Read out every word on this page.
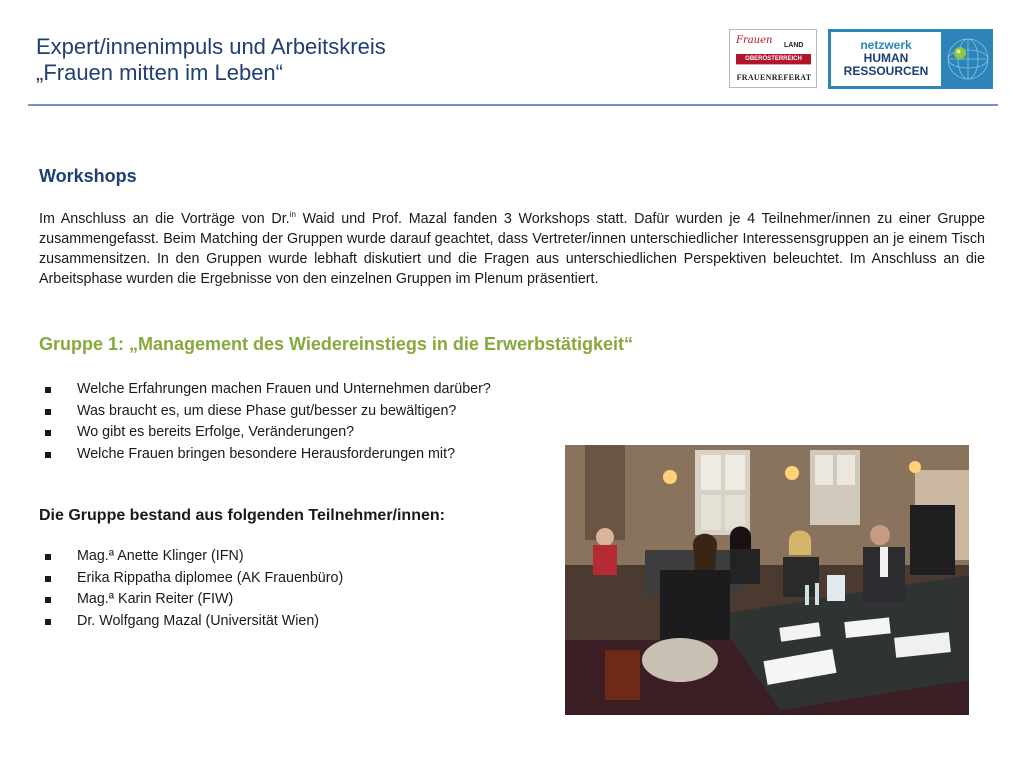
Expert/innenimpuls und Arbeitskreis
„Frauen mitten im Leben“
Frauen LAND
OBERÖSTERREICH
FRAUENREFERAT
netzwerk
HUMAN
RESSOURCEN
Workshops
Im Anschluss an die Vorträge von Dr.$^{in}$ Waid und Prof. Mazal fanden 3 Workshops statt. Dafür wurden je 4 Teilnehmer/innen zu einer Gruppe zusammengefasst. Beim Matching der Gruppen wurde darauf geachtet, dass Vertreter/innen unterschiedlicher Interessensgruppen an je einem Tisch zusammensitzen. In den Gruppen wurde lebhaft diskutiert und die Fragen aus unterschiedlichen Perspektiven beleuchtet. Im Anschluss an die Arbeitsphase wurden die Ergebnisse von den einzelnen Gruppen im Plenum präsentiert.
Gruppe 1: „Management des Wiedereinstiegs in die Erwerbstätigkeit“
Welche Erfahrungen machen Frauen und Unternehmen darüber?
Was braucht es, um diese Phase gut/besser zu bewältigen?
Wo gibt es bereits Erfolge, Veränderungen?
Welche Frauen bringen besondere Herausforderungen mit?
Die Gruppe bestand aus folgenden Teilnehmer/innen:
Mag.ª Anette Klinger (IFN)
Erika Rippatha diplomee (AK Frauenbüro)
Mag.ª Karin Reiter (FIW)
Dr. Wolfgang Mazal (Universität Wien)
